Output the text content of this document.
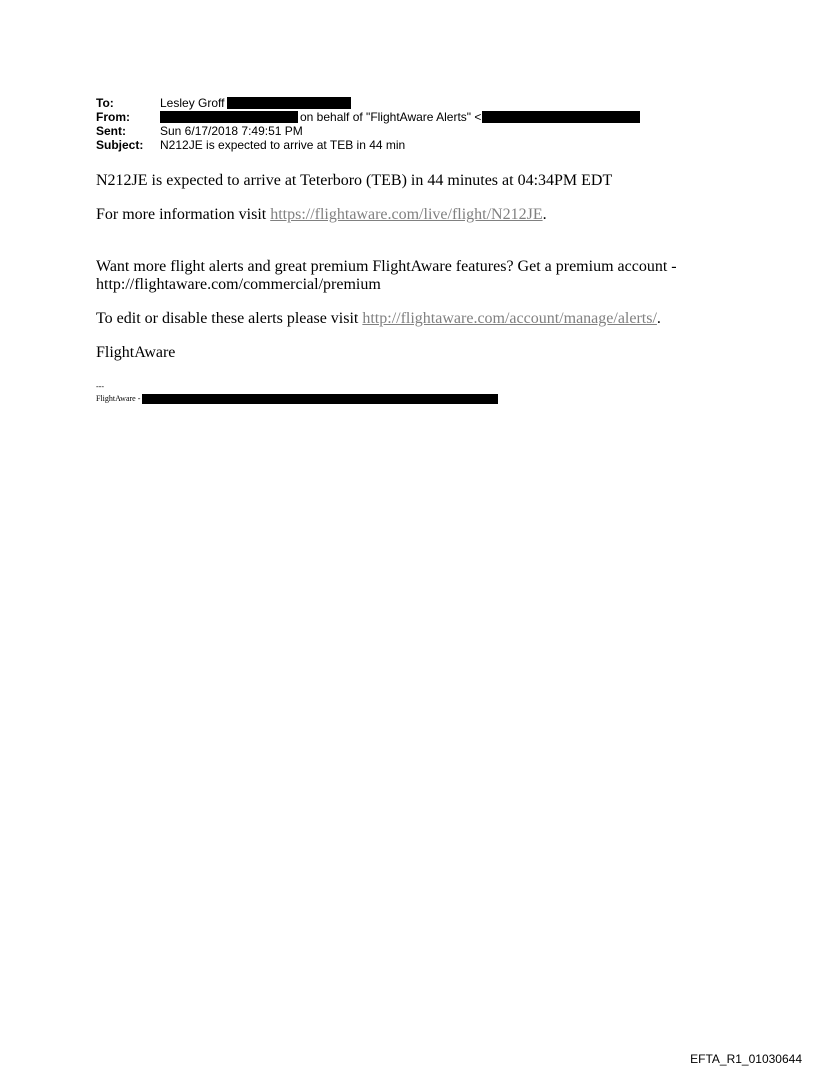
To:	Lesley Groff
From:	on behalf of "FlightAware Alerts" <
Sent:	Sun 6/17/2018 7:49:51 PM
Subject:	N212JE is expected to arrive at TEB in 44 min

N212JE is expected to arrive at Teterboro (TEB) in 44 minutes at 04:34PM EDT

For more information visit https://flightaware.com/live/flight/N212JE.

Want more flight alerts and great premium FlightAware features? Get a premium account - http://flightaware.com/commercial/premium

To edit or disable these alerts please visit http://flightaware.com/account/manage/alerts/.

FlightAware

---
FlightAware -
EFTA_R1_01030644
